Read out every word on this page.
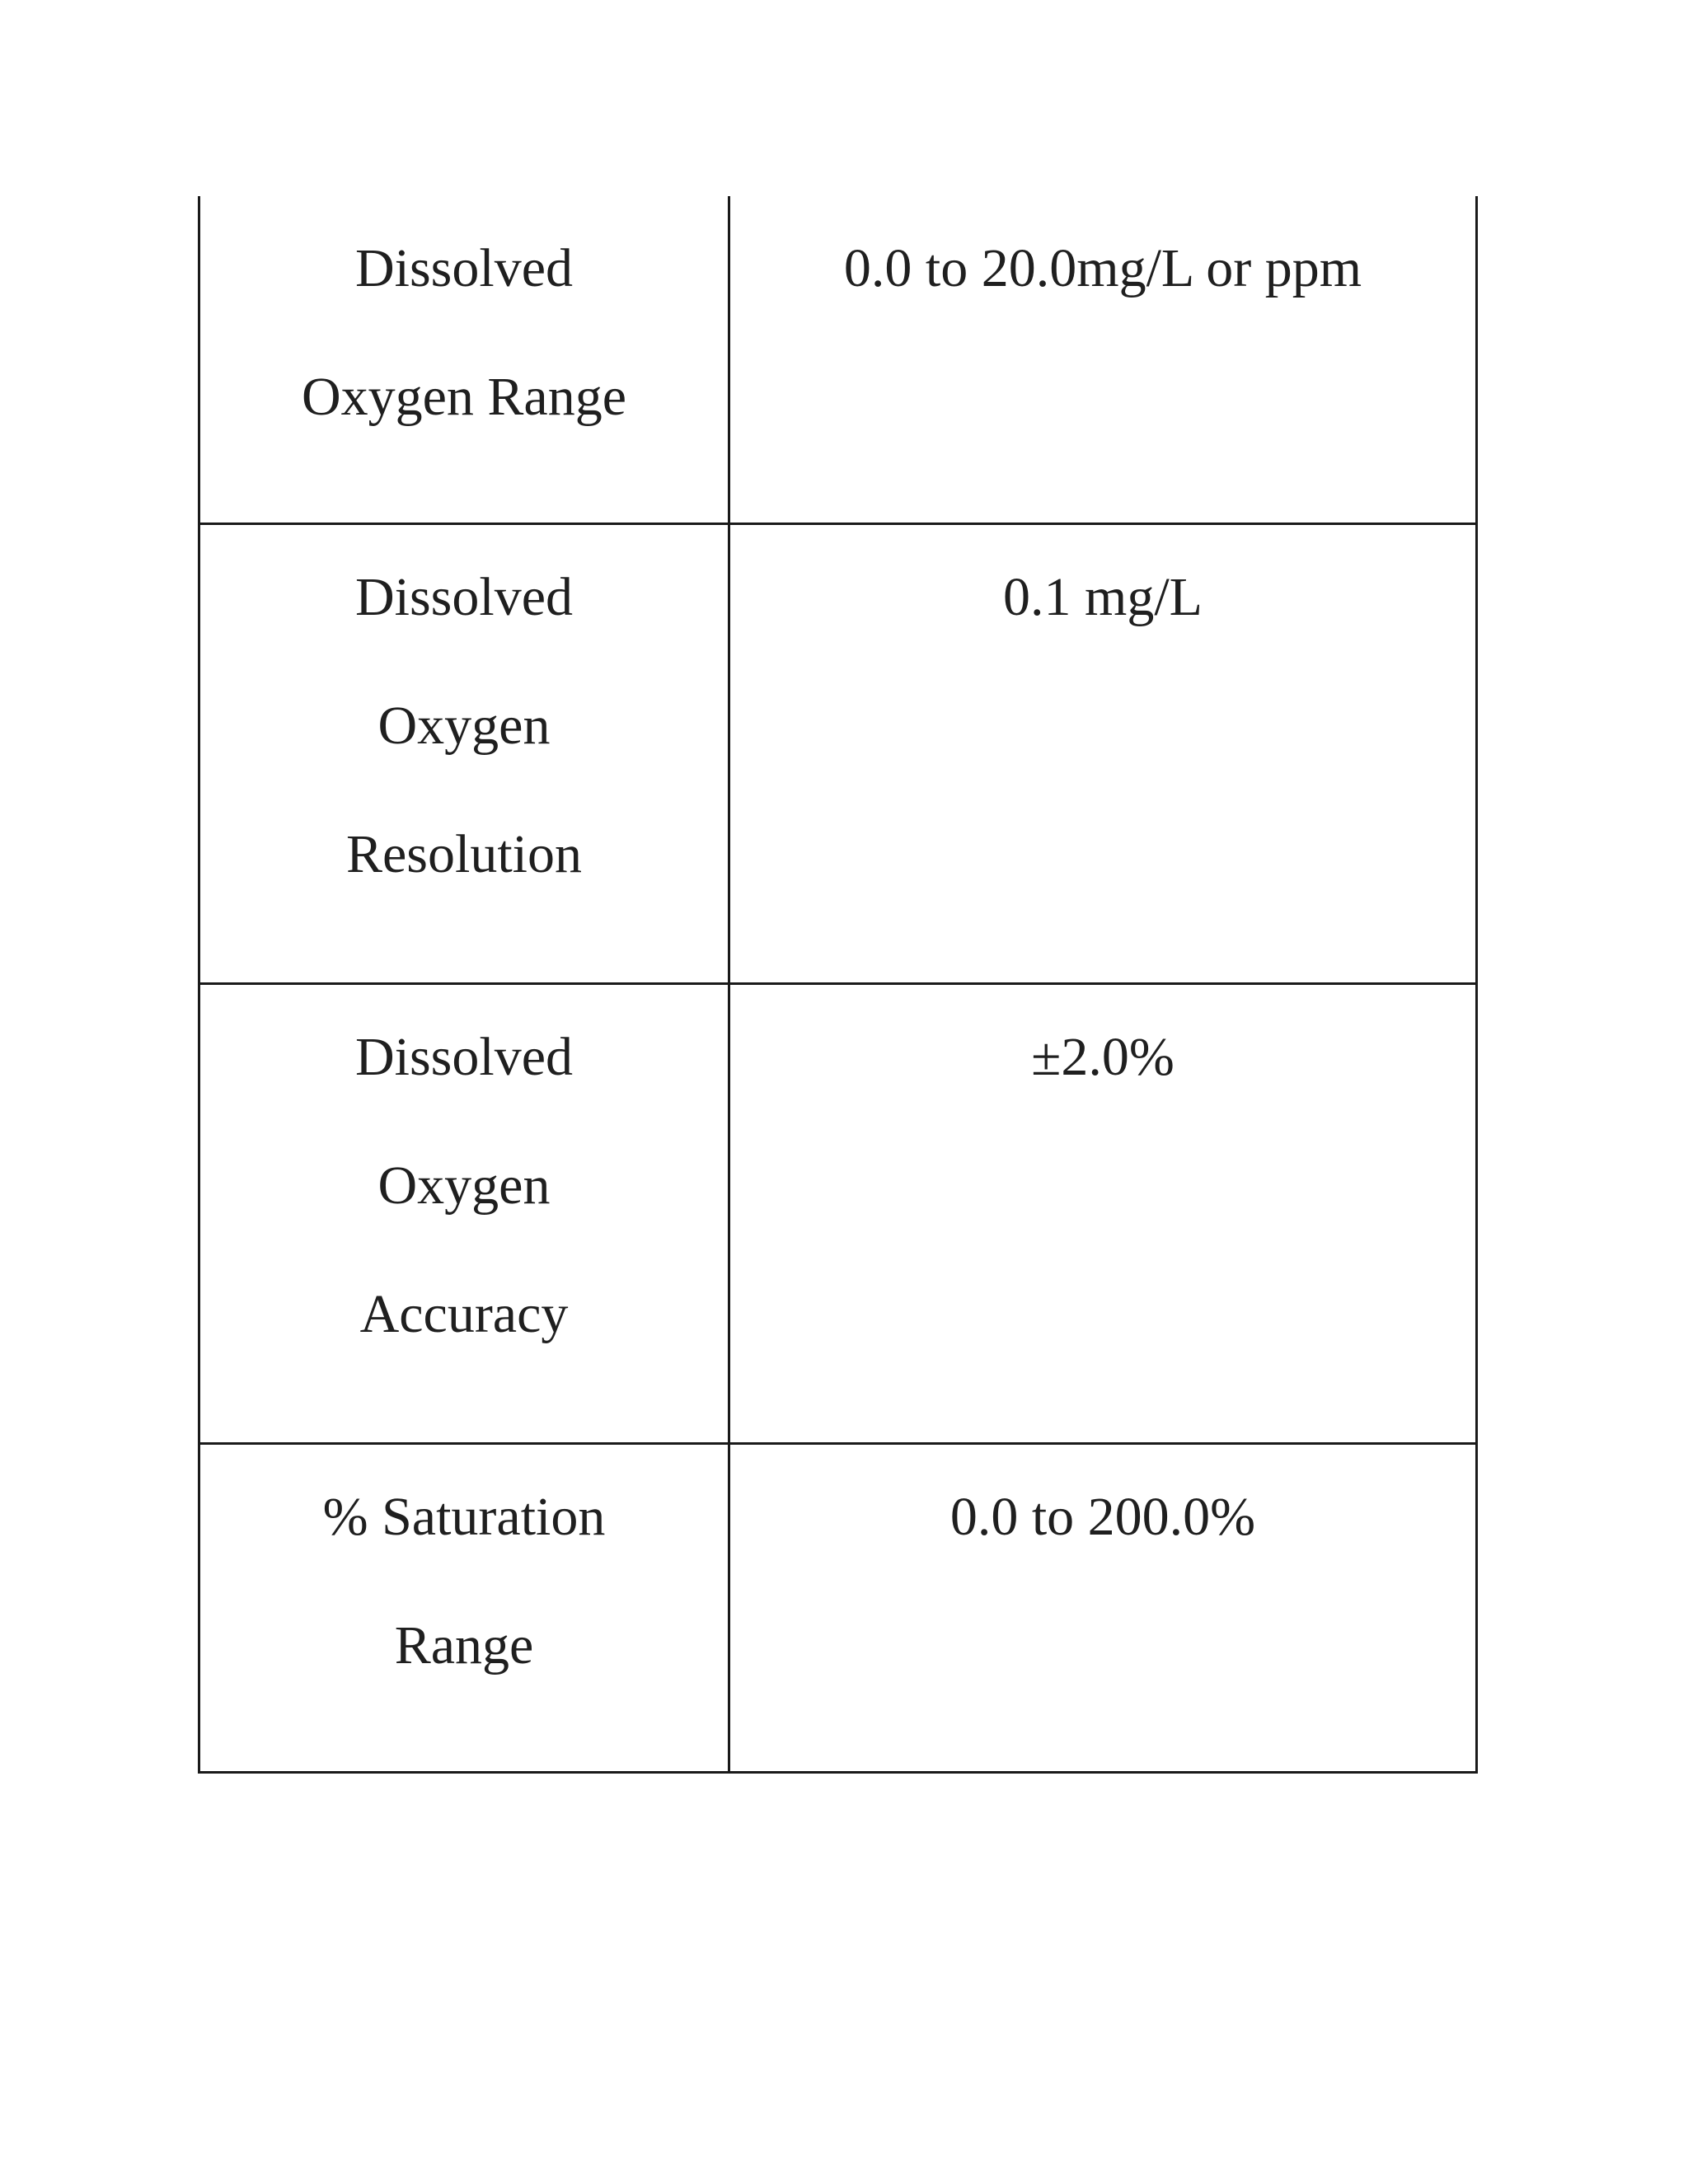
Dissolved
Oxygen Range	0.0 to 20.0mg/L or ppm

Dissolved
Oxygen
Resolution	0.1 mg/L

Dissolved
Oxygen
Accuracy	±2.0%

% Saturation
Range	0.0 to 200.0%
